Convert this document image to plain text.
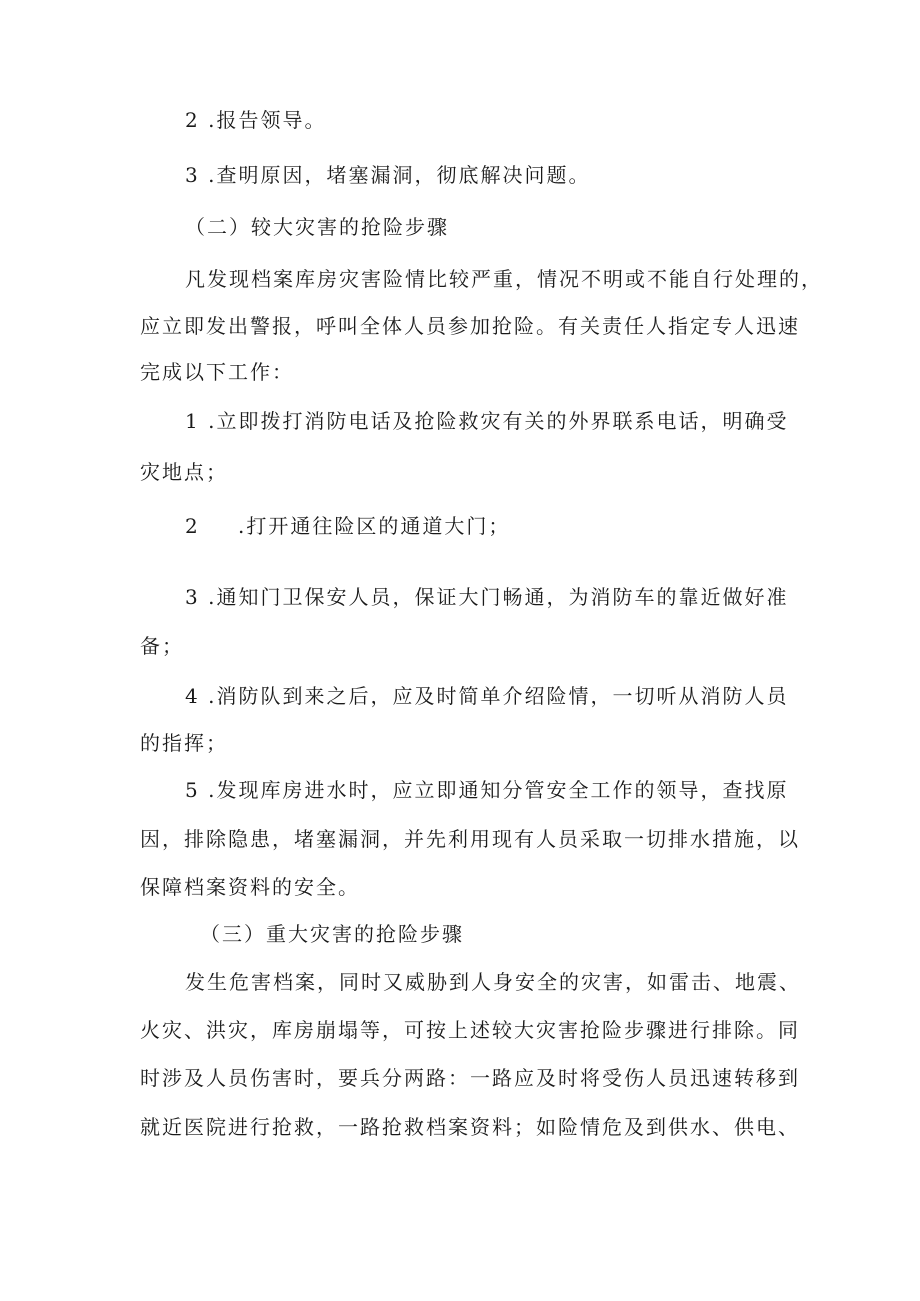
2 .报告领导。
3 .查明原因，堵塞漏洞，彻底解决问题。
（二）较大灾害的抢险步骤
凡发现档案库房灾害险情比较严重，情况不明或不能自行处理的，
应立即发出警报，呼叫全体人员参加抢险。有关责任人指定专人迅速
完成以下工作：
1 .立即拨打消防电话及抢险救灾有关的外界联系电话，明确受
灾地点；
2 .打开通往险区的通道大门；
3 .通知门卫保安人员，保证大门畅通，为消防车的靠近做好准
备；
4 .消防队到来之后，应及时简单介绍险情，一切听从消防人员
的指挥；
5 .发现库房进水时，应立即通知分管安全工作的领导，查找原
因，排除隐患，堵塞漏洞，并先利用现有人员采取一切排水措施，以
保障档案资料的安全。
（三）重大灾害的抢险步骤
发生危害档案，同时又威胁到人身安全的灾害，如雷击、地震、
火灾、洪灾，库房崩塌等，可按上述较大灾害抢险步骤进行排除。同
时涉及人员伤害时，要兵分两路：一路应及时将受伤人员迅速转移到
就近医院进行抢救，一路抢救档案资料；如险情危及到供水、供电、
